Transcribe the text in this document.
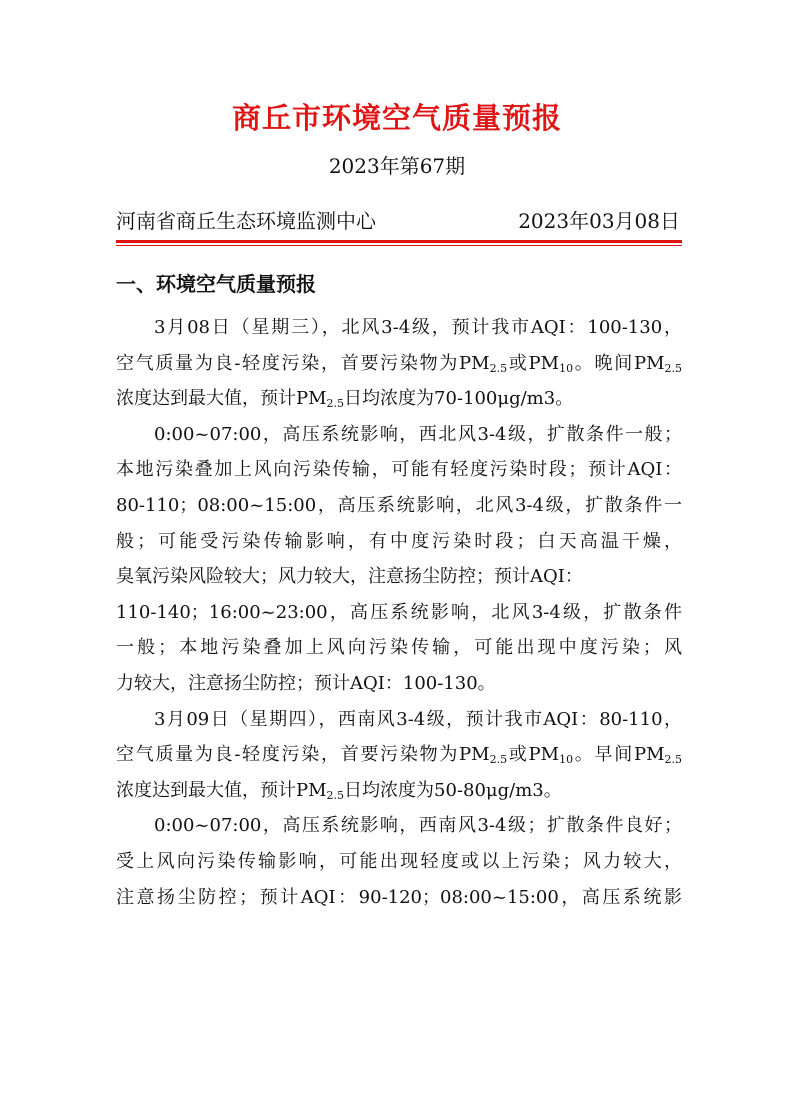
商丘市环境空气质量预报
2023年第67期
河南省商丘生态环境监测中心	2023年03月08日
一、环境空气质量预报
3月08日（星期三），北风3-4级，预计我市AQI：100-130，
空气质量为良-轻度污染，首要污染物为$PM_{2.5}$或$PM_{10}$。晚间$PM_{2.5}$
浓度达到最大值，预计$PM_{2.5}$日均浓度为70-100μg/m3。
0:00~07:00，高压系统影响，西北风3-4级，扩散条件一般；
本地污染叠加上风向污染传输，可能有轻度污染时段；预计AQI：
80-110；08:00~15:00，高压系统影响，北风3-4级，扩散条件一
般；可能受污染传输影响，有中度污染时段；白天高温干燥，
臭氧污染风险较大；风力较大，注意扬尘防控；预计AQI：
110-140；16:00~23:00，高压系统影响，北风3-4级，扩散条件
一般；本地污染叠加上风向污染传输，可能出现中度污染；风
力较大，注意扬尘防控；预计AQI：100-130。
3月09日（星期四），西南风3-4级，预计我市AQI：80-110，
空气质量为良-轻度污染，首要污染物为$PM_{2.5}$或$PM_{10}$。早间$PM_{2.5}$
浓度达到最大值，预计$PM_{2.5}$日均浓度为50-80μg/m3。
0:00~07:00，高压系统影响，西南风3-4级；扩散条件良好；
受上风向污染传输影响，可能出现轻度或以上污染；风力较大，
注意扬尘防控；预计AQI：90-120；08:00~15:00，高压系统影
